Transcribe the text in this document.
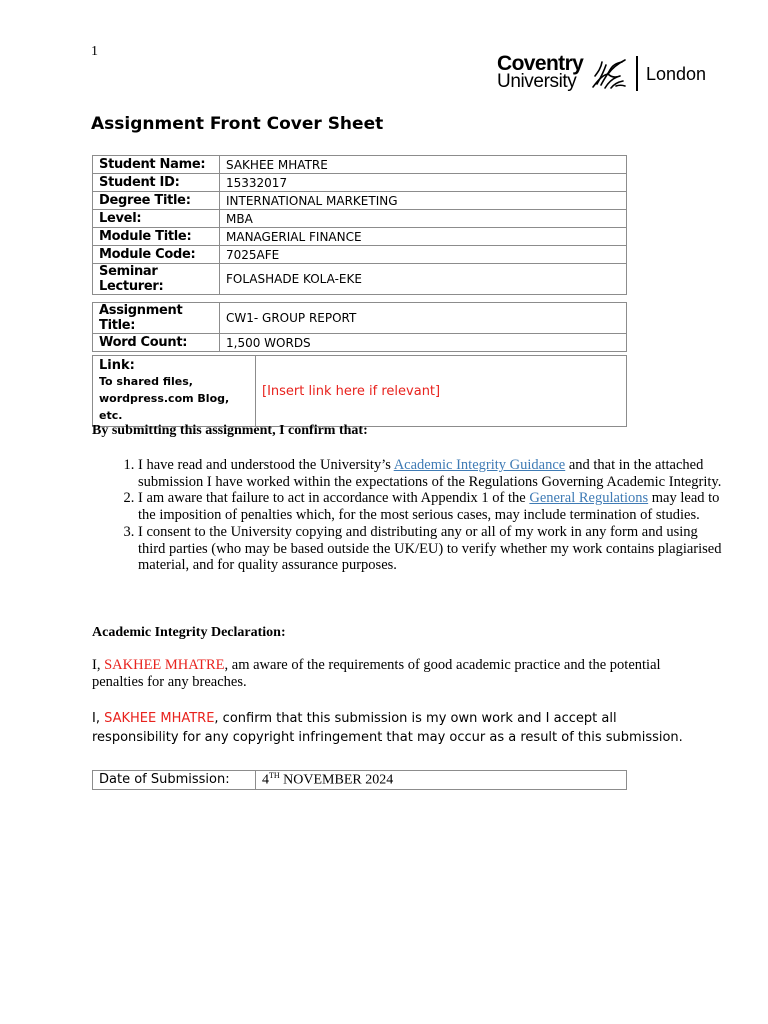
1
Coventry
University	London
Assignment Front Cover Sheet
Student Name:	SAKHEE MHATRE
Student ID:	15332017
Degree Title:	INTERNATIONAL MARKETING
Level:	MBA
Module Title:	MANAGERIAL FINANCE
Module Code:	7025AFE
Seminar Lecturer:	FOLASHADE KOLA-EKE
Assignment Title:	CW1- GROUP REPORT
Word Count:	1,500 WORDS
Link:
To shared files,
wordpress.com Blog, etc.
	[Insert link here if relevant]
By submitting this assignment, I confirm that:
1. I have read and understood the University’s Academic Integrity Guidance and that in the attached submission I have worked within the expectations of the Regulations Governing Academic Integrity.
2. I am aware that failure to act in accordance with Appendix 1 of the General Regulations may lead to the imposition of penalties which, for the most serious cases, may include termination of studies.
3. I consent to the University copying and distributing any or all of my work in any form and using third parties (who may be based outside the UK/EU) to verify whether my work contains plagiarised material, and for quality assurance purposes.
Academic Integrity Declaration:
I, SAKHEE MHATRE, am aware of the requirements of good academic practice and the potential penalties for any breaches.
I, SAKHEE MHATRE, confirm that this submission is my own work and I accept all responsibility for any copyright infringement that may occur as a result of this submission.
Date of Submission:	4TH NOVEMBER 2024
